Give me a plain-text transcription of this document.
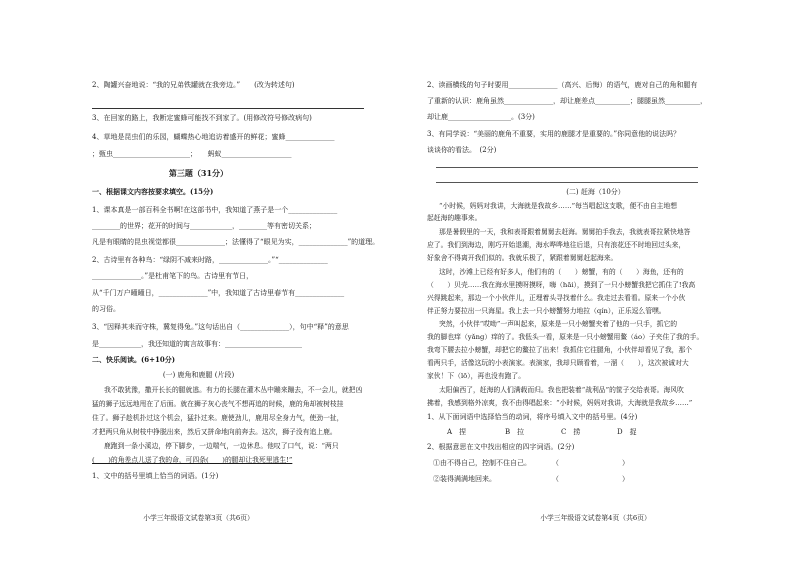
2、陶罐兴奋地说：“我的兄弟铁罐就在我旁边。”　　(改为转述句)
3、在回家的路上，我断定蜜蜂可能找不到家了。(用修改符号修改病句)
4、草地是昆虫们的乐园，蝴蝶热心地追访着盛开的鲜花；蜜蜂______________
；甄虫______________________；　　蚂蚁____________________
第三题（31分）
一、根据课文内容按要求填空。(15分)
1、课本真是一部百科全书啊!在这部书中，我知道了燕子是一个______________
________的世界；花开的时间与____________，________等有密切关系；
凡是有眼睛的昆虫视觉都很______________；法懂得了“眼见为实，______________”的道理。
2、古诗里有各种鸟：“绿阴不减来时路，______________。”“______________
______________。”是杜甫笔下的鸟。古诗里有节日，
从“千门万户曈曈日，______________”中，我知道了古诗里春节有______________
的习俗。
3、“因释其耒而守株，冀复得兔。”这句话出自（______________），句中“释”的意思
是____________，我还知道的寓言故事有：______________________
二、快乐阅读。(6+10分)
(一) 鹿角和鹿腿 (片段)
我不敢犹豫，撒开长长的腿就逃。有力的长腿在灌木丛中蹦来蹦去，不一会儿，就把凶
猛的狮子远远地甩在了后面。就在狮子灰心丧气不想再追的时候，鹿的角却被树枝挂
住了。狮子趁机扑过这个机会，猛扑过来。鹿使劲儿，鹿用尽全身力气，使劲一扯，
才把两只角从树枝中挣脱出来，然后又拼命地向前奔去。这次，狮子没有追上鹿。
鹿跑到一条小溪边，停下脚步，一边喘气，一边休息。他叹了口气，说：“两只
(　　)的角差点儿送了我的命，可四条(　　)的腿却让我死里逃生!”
1、文中的括号里填上恰当的词语。(1分)
小学三年级语文试卷第3页（共6页）
2、读画横线的句子时要用______________（高兴、后悔）的语气，鹿对自己的角和腿有
了重新的认识：鹿角虽然______________，却让鹿差点__________；腿腿虽然__________，
却让鹿__________________。(3分)
3、有同学说：“美丽的鹿角不重要，实用的鹿腿才是重要的。”你同意他的说法吗？
谈谈你的看法。　(2分)
(二) 赶海（10分）
“小时候，妈妈对我讲，大海就是我故乡……”每当唱起这支歌，便不由自主地想
起赶海的趣事来。
那是暑假里的一天，我和表哥跟着舅舅去赶海。舅舅拍手我去，我就表哥拉紧快地答
应了。我们到海边，刚巧开始退潮，海水哗哗地往后退，只有浪花还不时地回过头来，
好象舍不得离开我们似的。我就乐极了，紧跟着舅舅赶起海来。
这时，沙滩上已经有好多人，他们有的（　　）螃蟹，有的（　　）海鱼，还有的
（　　）贝壳……我在海水里摸呀摸呀，嗨（hāi），摸到了一只小螃蟹我把它抓住了!我高
兴得跳起来，那边一个小伙伴儿，正埋着头寻找着什么。我走过去看看。原来一个小伙
伴正努力要拉出一只海星。我上去一只小螃蟹努力地拉（qín），正乐逗么管嘿。
突然，小伙伴“哎呦”一声叫起来，原来是一只小螃蟹夹着了他的一只手，抓它的
我的脚也痒（yǎng）痒的了。我低头一看，原来是一只小螃蟹用鳌（áo）子夹住了我的手。
我弯下腰去拉小螃蟹，却把它的鳌拉了出来！我抓住它往腿角，小伙伴却看见了我，那个
看两只手，活像这玩的小表演家。表演家，我却只顾看着，一溜（　　），这次被诚对大
家伙！下（lō），再也没有跑了。
太阳偏西了，赶海的人们满载而归。我也把装着“战利品”的筐子交给表哥。海风吹
拂着，我感到格外凉爽，我不由得唱起来：“小时候，妈妈对我讲，大海就是我故乡……”
1、从下面词语中选择恰当的动词，将序号填入文中的括号里。(4分)
A　捏	B　拉	C　捞	D　捉
2、根据意思在文中找出相应的四字词语。(2分)
①由不得自己，控制不住自己。　　　　（　　　　　　　　　）
②装得满满地回来。　　　　　　　　　（　　　　　　　　　）
小学三年级语文试卷第4页（共6页）
